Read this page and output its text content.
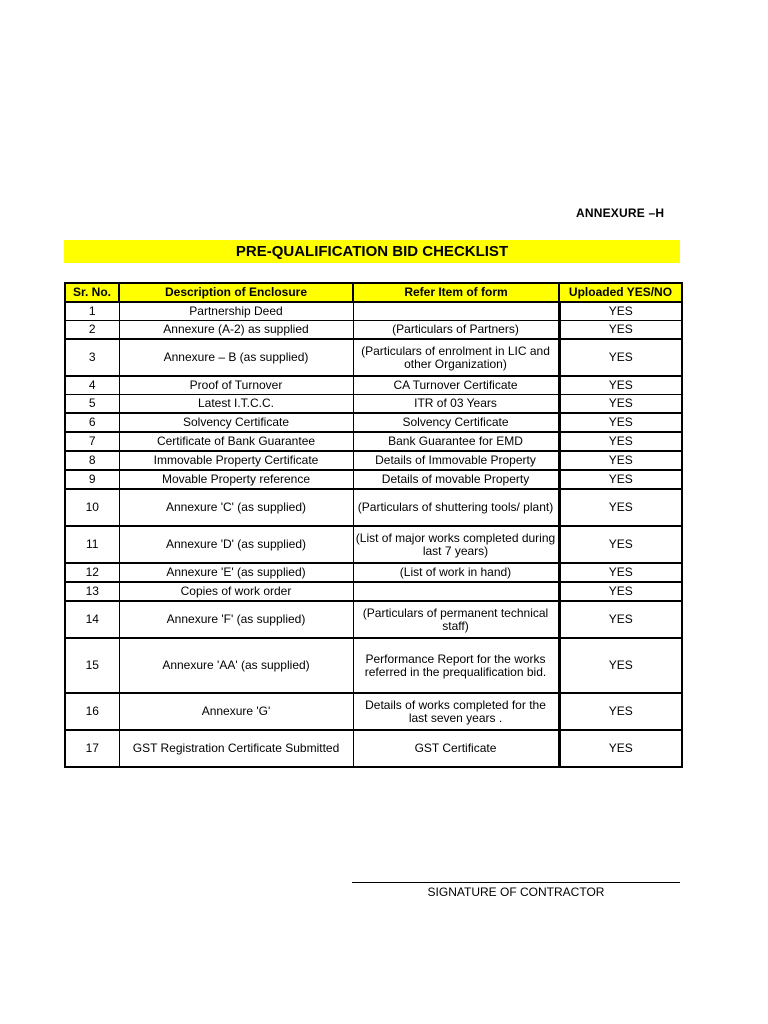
ANNEXURE –H
PRE-QUALIFICATION BID CHECKLIST
Sr. No.	Description of Enclosure	Refer Item of form	Uploaded YES/NO
1	Partnership Deed		YES
2	Annexure (A-2) as supplied	(Particulars of Partners)	YES
3	Annexure – B (as supplied)	(Particulars of enrolment in LIC and other Organization)	YES
4	Proof of Turnover	CA Turnover Certificate	YES
5	Latest I.T.C.C.	ITR of 03 Years	YES
6	Solvency Certificate	Solvency Certificate	YES
7	Certificate of Bank Guarantee	Bank Guarantee for EMD	YES
8	Immovable Property Certificate	Details of Immovable Property	YES
9	Movable Property reference	Details of movable Property	YES
10	Annexure 'C' (as supplied)	(Particulars of shuttering tools/ plant)	YES
11	Annexure 'D' (as supplied)	(List of major works completed during last 7 years)	YES
12	Annexure 'E' (as supplied)	(List of work in hand)	YES
13	Copies of work order		YES
14	Annexure 'F' (as supplied)	(Particulars of permanent technical staff)	YES
15	Annexure 'AA' (as supplied)	Performance Report for the works referred in the prequalification bid.	YES
16	Annexure 'G'	Details of works completed for the last seven years .	YES
17	GST Registration Certificate Submitted	GST Certificate	YES
SIGNATURE OF CONTRACTOR
